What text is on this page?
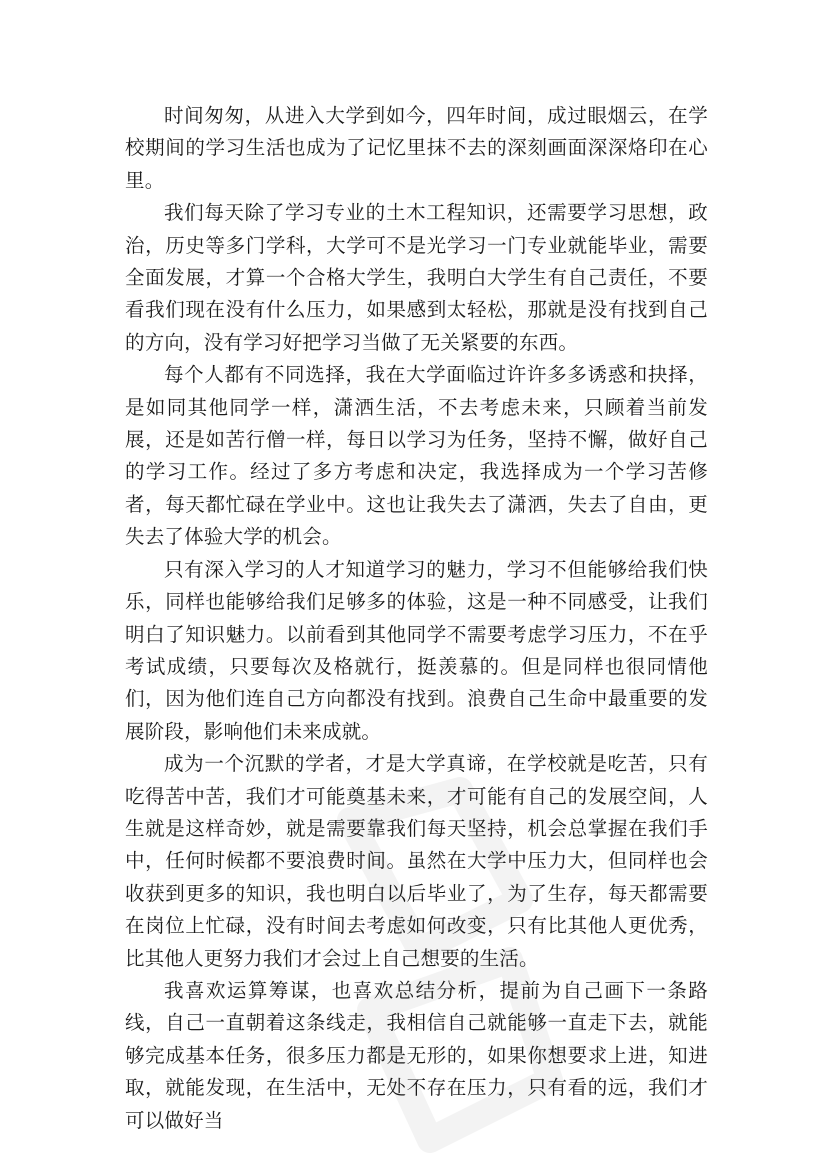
时间匆匆，从进入大学到如今，四年时间，成过眼烟云，在学校期间的学习生活也成为了记忆里抹不去的深刻画面深深烙印在心里。

我们每天除了学习专业的土木工程知识，还需要学习思想，政治，历史等多门学科，大学可不是光学习一门专业就能毕业，需要全面发展，才算一个合格大学生，我明白大学生有自己责任，不要看我们现在没有什么压力，如果感到太轻松，那就是没有找到自己的方向，没有学习好把学习当做了无关紧要的东西。

每个人都有不同选择，我在大学面临过许许多多诱惑和抉择，是如同其他同学一样，潇洒生活，不去考虑未来，只顾着当前发展，还是如苦行僧一样，每日以学习为任务，坚持不懈，做好自己的学习工作。经过了多方考虑和决定，我选择成为一个学习苦修者，每天都忙碌在学业中。这也让我失去了潇洒，失去了自由，更失去了体验大学的机会。

只有深入学习的人才知道学习的魅力，学习不但能够给我们快乐，同样也能够给我们足够多的体验，这是一种不同感受，让我们明白了知识魅力。以前看到其他同学不需要考虑学习压力，不在乎考试成绩，只要每次及格就行，挺羡慕的。但是同样也很同情他们，因为他们连自己方向都没有找到。浪费自己生命中最重要的发展阶段，影响他们未来成就。

成为一个沉默的学者，才是大学真谛，在学校就是吃苦，只有吃得苦中苦，我们才可能奠基未来，才可能有自己的发展空间，人生就是这样奇妙，就是需要靠我们每天坚持，机会总掌握在我们手中，任何时候都不要浪费时间。虽然在大学中压力大，但同样也会收获到更多的知识，我也明白以后毕业了，为了生存，每天都需要在岗位上忙碌，没有时间去考虑如何改变，只有比其他人更优秀，比其他人更努力我们才会过上自己想要的生活。

我喜欢运算筹谋，也喜欢总结分析，提前为自己画下一条路线，自己一直朝着这条线走，我相信自己就能够一直走下去，就能够完成基本任务，很多压力都是无形的，如果你想要求上进，知进取，就能发现，在生活中，无处不存在压力，只有看的远，我们才可以做好当
